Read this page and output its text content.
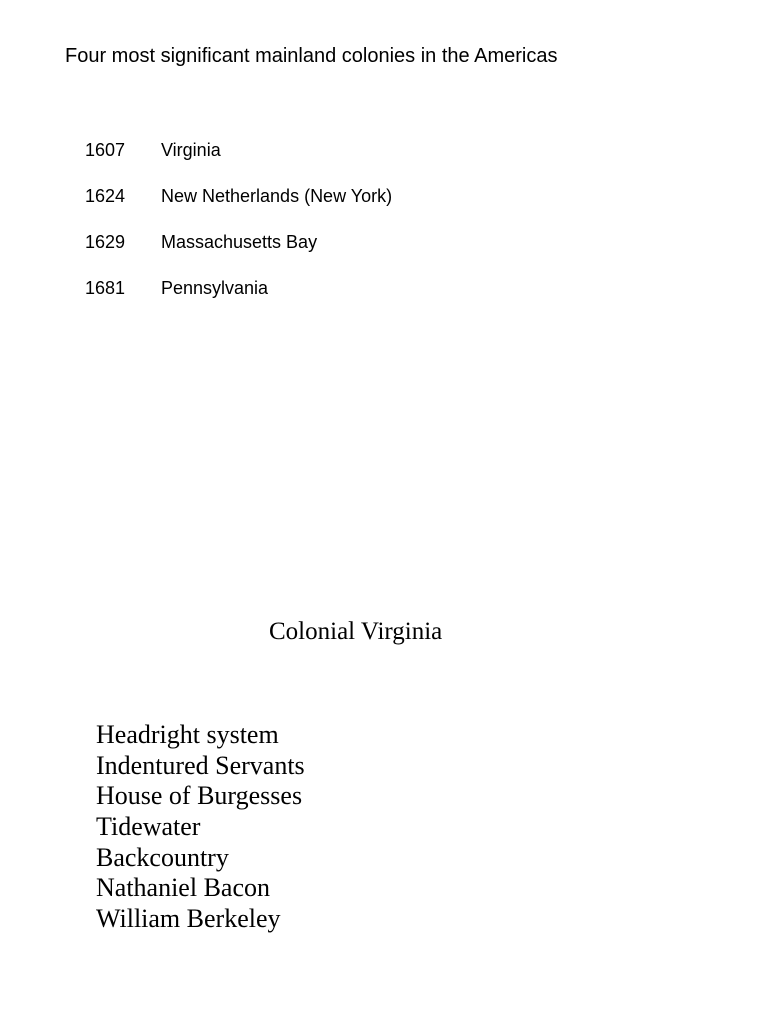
Four most significant mainland colonies in the Americas
1607 Virginia
1624 New Netherlands (New York)
1629 Massachusetts Bay
1681 Pennsylvania
Colonial Virginia
Headright system
Indentured Servants
House of Burgesses
Tidewater
Backcountry
Nathaniel Bacon
William Berkeley
